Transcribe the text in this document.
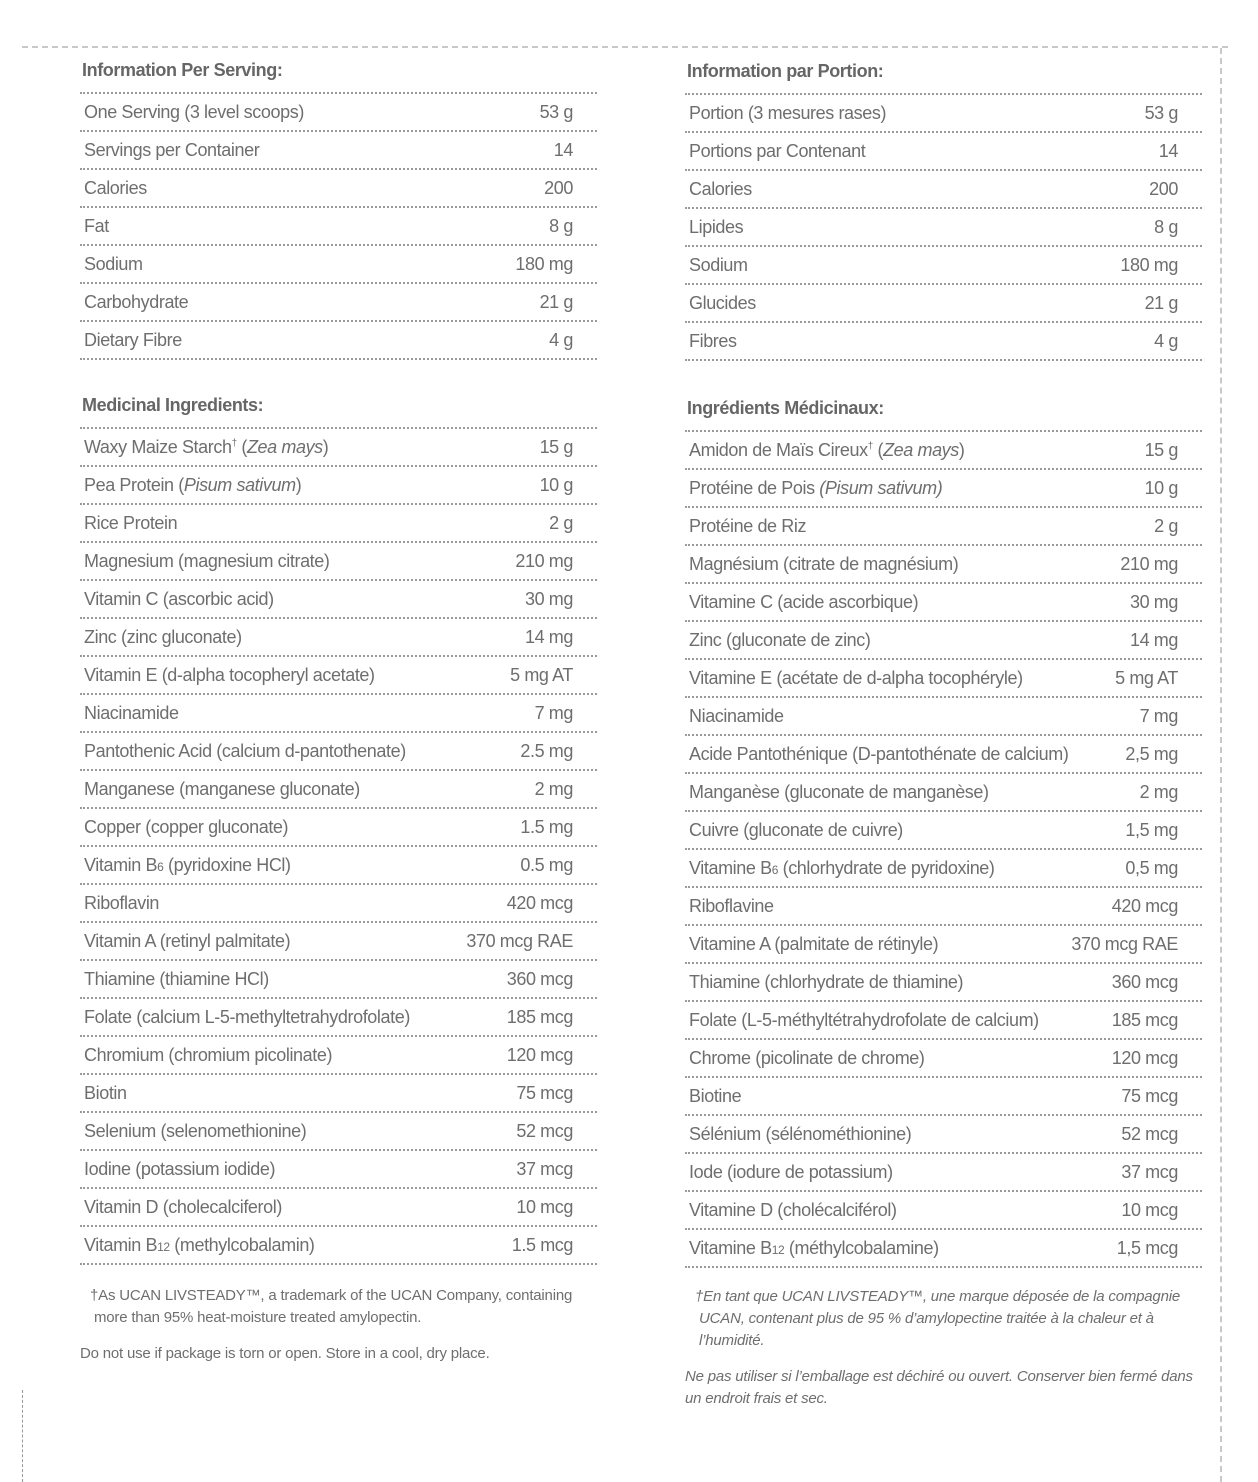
Information Per Serving:
One Serving (3 level scoops)	53 g
Servings per Container	14
Calories	200
Fat	8 g
Sodium	180 mg
Carbohydrate	21 g
Dietary Fibre	4 g
Medicinal Ingredients:
Waxy Maize Starch† (Zea mays)	15 g
Pea Protein (Pisum sativum)	10 g
Rice Protein	2 g
Magnesium (magnesium citrate)	210 mg
Vitamin C (ascorbic acid)	30 mg
Zinc (zinc gluconate)	14 mg
Vitamin E (d-alpha tocopheryl acetate)	5 mg AT
Niacinamide	7 mg
Pantothenic Acid (calcium d-pantothenate)	2.5 mg
Manganese (manganese gluconate)	2 mg
Copper (copper gluconate)	1.5 mg
Vitamin B6 (pyridoxine HCl)	0.5 mg
Riboflavin	420 mcg
Vitamin A (retinyl palmitate)	370 mcg RAE
Thiamine (thiamine HCl)	360 mcg
Folate (calcium L-5-methyltetrahydrofolate)	185 mcg
Chromium (chromium picolinate)	120 mcg
Biotin	75 mcg
Selenium (selenomethionine)	52 mcg
Iodine (potassium iodide)	37 mcg
Vitamin D (cholecalciferol)	10 mcg
Vitamin B12 (methylcobalamin)	1.5 mcg
†As UCAN LIVSTEADY™, a trademark of the UCAN Company, containing more than 95% heat-moisture treated amylopectin.
Do not use if package is torn or open. Store in a cool, dry place.
Information par Portion:
Portion (3 mesures rases)	53 g
Portions par Contenant	14
Calories	200
Lipides	8 g
Sodium	180 mg
Glucides	21 g
Fibres	4 g
Ingrédients Médicinaux:
Amidon de Maïs Cireux† (Zea mays)	15 g
Protéine de Pois (Pisum sativum)	10 g
Protéine de Riz	2 g
Magnésium (citrate de magnésium)	210 mg
Vitamine C (acide ascorbique)	30 mg
Zinc (gluconate de zinc)	14 mg
Vitamine E (acétate de d-alpha tocophéryle)	5 mg AT
Niacinamide	7 mg
Acide Pantothénique (D-pantothénate de calcium)	2,5 mg
Manganèse (gluconate de manganèse)	2 mg
Cuivre (gluconate de cuivre)	1,5 mg
Vitamine B6 (chlorhydrate de pyridoxine)	0,5 mg
Riboflavine	420 mcg
Vitamine A (palmitate de rétinyle)	370 mcg RAE
Thiamine (chlorhydrate de thiamine)	360 mcg
Folate (L-5-méthyltétrahydrofolate de calcium)	185 mcg
Chrome (picolinate de chrome)	120 mcg
Biotine	75 mcg
Sélénium (sélénométhionine)	52 mcg
Iode (iodure de potassium)	37 mcg
Vitamine D (cholécalciférol)	10 mcg
Vitamine B12 (méthylcobalamine)	1,5 mcg
†En tant que UCAN LIVSTEADY™, une marque déposée de la compagnie UCAN, contenant plus de 95 % d’amylopectine traitée à la chaleur et à l’humidité.
Ne pas utiliser si l’emballage est déchiré ou ouvert. Conserver bien fermé dans un endroit frais et sec.
